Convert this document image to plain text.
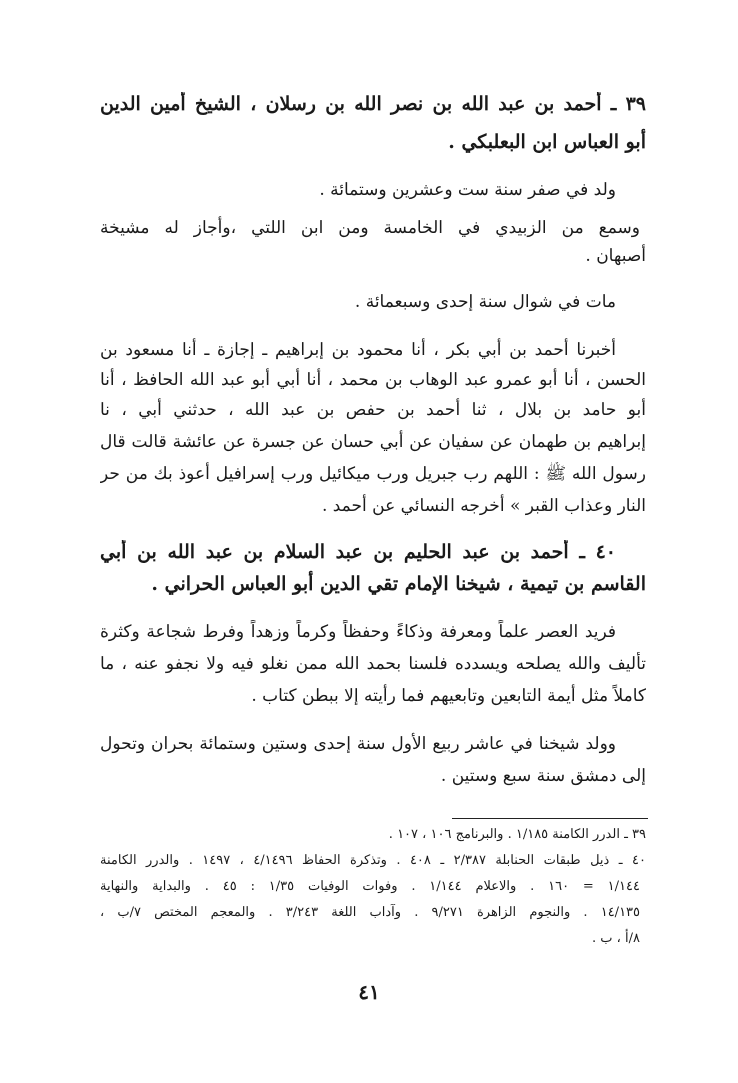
٣٩ ـ أحمد بن عبد الله بن نصر الله بن رسلان ، الشيخ أمين الدين
أبو العباس ابن البعلبكي .
ولد في صفر سنة ست وعشرين وستمائة .
وسمع من الزبيدي في الخامسة ومن ابن اللتي ،وأجاز له مشيخة
أصبهان .
مات في شوال سنة إحدى وسبعمائة .
أخبرنا أحمد بن أبي بكر ، أنا محمود بن إبراهيم ـ إجازة ـ أنا مسعود بن
الحسن ، أنا أبو عمرو عبد الوهاب بن محمد ، أنا أبي أبو عبد الله الحافظ ، أنا
أبو حامد بن بلال ، ثنا أحمد بن حفص بن عبد الله ، حدثني أبي ، نا
إبراهيم بن طهمان عن سفيان عن أبي حسان عن جسرة عن عائشة قالت قال
رسول الله ﷺ : اللهم رب جبريل ورب ميكائيل ورب إسرافيل أعوذ بك من حر
النار وعذاب القبر » أخرجه النسائي عن أحمد .
٤٠ ـ أحمد بن عبد الحليم بن عبد السلام بن عبد الله بن أبي
القاسم بن تيمية ، شيخنا الإمام تقي الدين أبو العباس الحراني .
فريد العصر علماً ومعرفة وذكاءً وحفظاً وكرماً وزهداً وفرط شجاعة وكثرة
تأليف والله يصلحه ويسدده فلسنا بحمد الله ممن نغلو فيه ولا نجفو عنه ، ما
كاملاً مثل أيمة التابعين وتابعيهم فما رأيته إلا ببطن كتاب .
وولد شيخنا في عاشر ربيع الأول سنة إحدى وستين وستمائة بحران وتحول
إلى دمشق سنة سبع وستين .
٣٩ ـ الدرر الكامنة ١/١٨٥ . والبرنامج ١٠٦ ، ١٠٧ .
٤٠ ـ ذيل طبقات الحنابلة ٢/٣٨٧ ـ ٤٠٨ . وتذكرة الحفاظ ٤/١٤٩٦ ، ١٤٩٧ . والدرر الكامنة
١/١٤٤ = ١٦٠ . والاعلام ١/١٤٤ . وفوات الوفيات ١/٣٥ : ٤٥ . والبداية والنهاية
١٤/١٣٥ . والنجوم الزاهرة ٩/٢٧١ . وآداب اللغة ٣/٢٤٣ . والمعجم المختص ٧/ب ،
٨/أ ، ب .
٤١
